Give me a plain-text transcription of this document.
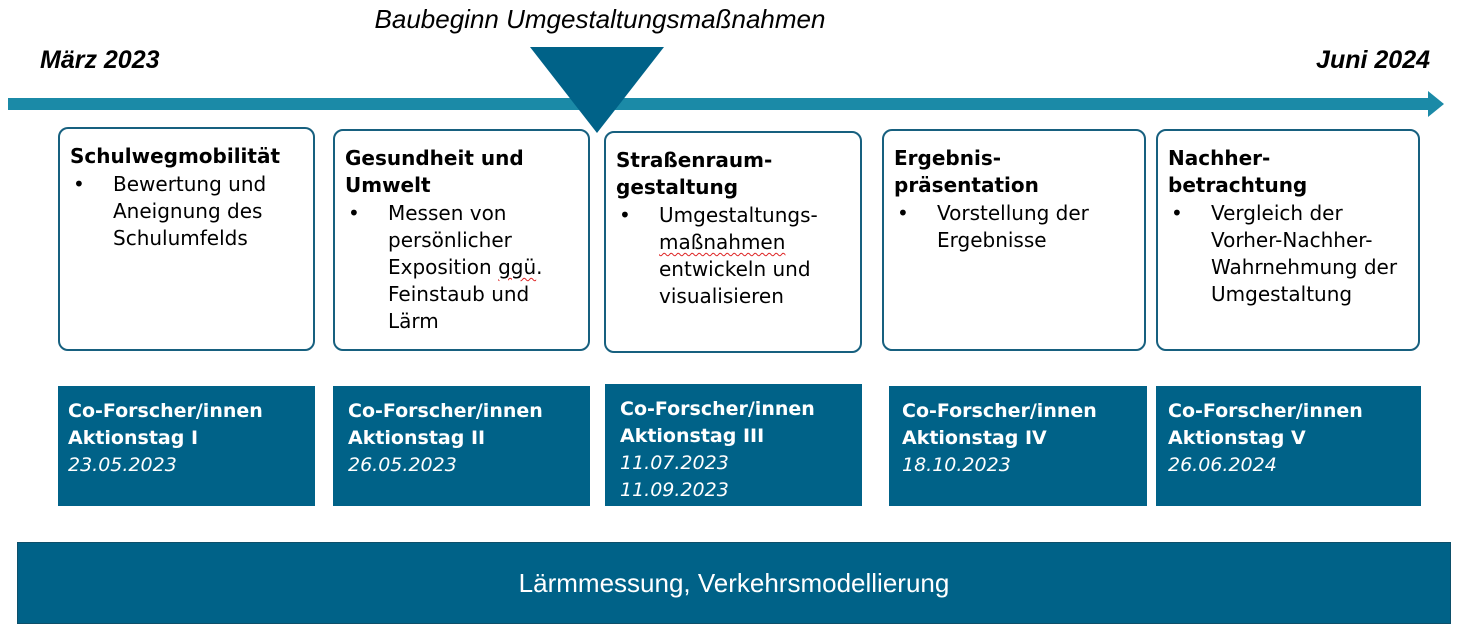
Baubeginn Umgestaltungsmaßnahmen
März 2023	Juni 2024
Schulwegmobilität
•	Bewertung und Aneignung des Schulumfelds
Gesundheit und Umwelt
•	Messen von persönlicher Exposition ggü. Feinstaub und Lärm
Straßenraum-gestaltung
•	Umgestaltungs- maßnahmen entwickeln und visualisieren
Ergebnis-präsentation
•	Vorstellung der Ergebnisse
Nachher-betrachtung
•	Vergleich der Vorher-Nachher-Wahrnehmung der Umgestaltung
Co-Forscher/innen
Aktionstag I
23.05.2023
Co-Forscher/innen
Aktionstag II
26.05.2023
Co-Forscher/innen
Aktionstag III
11.07.2023
11.09.2023
Co-Forscher/innen
Aktionstag IV
18.10.2023
Co-Forscher/innen
Aktionstag V
26.06.2024
Lärmmessung, Verkehrsmodellierung
